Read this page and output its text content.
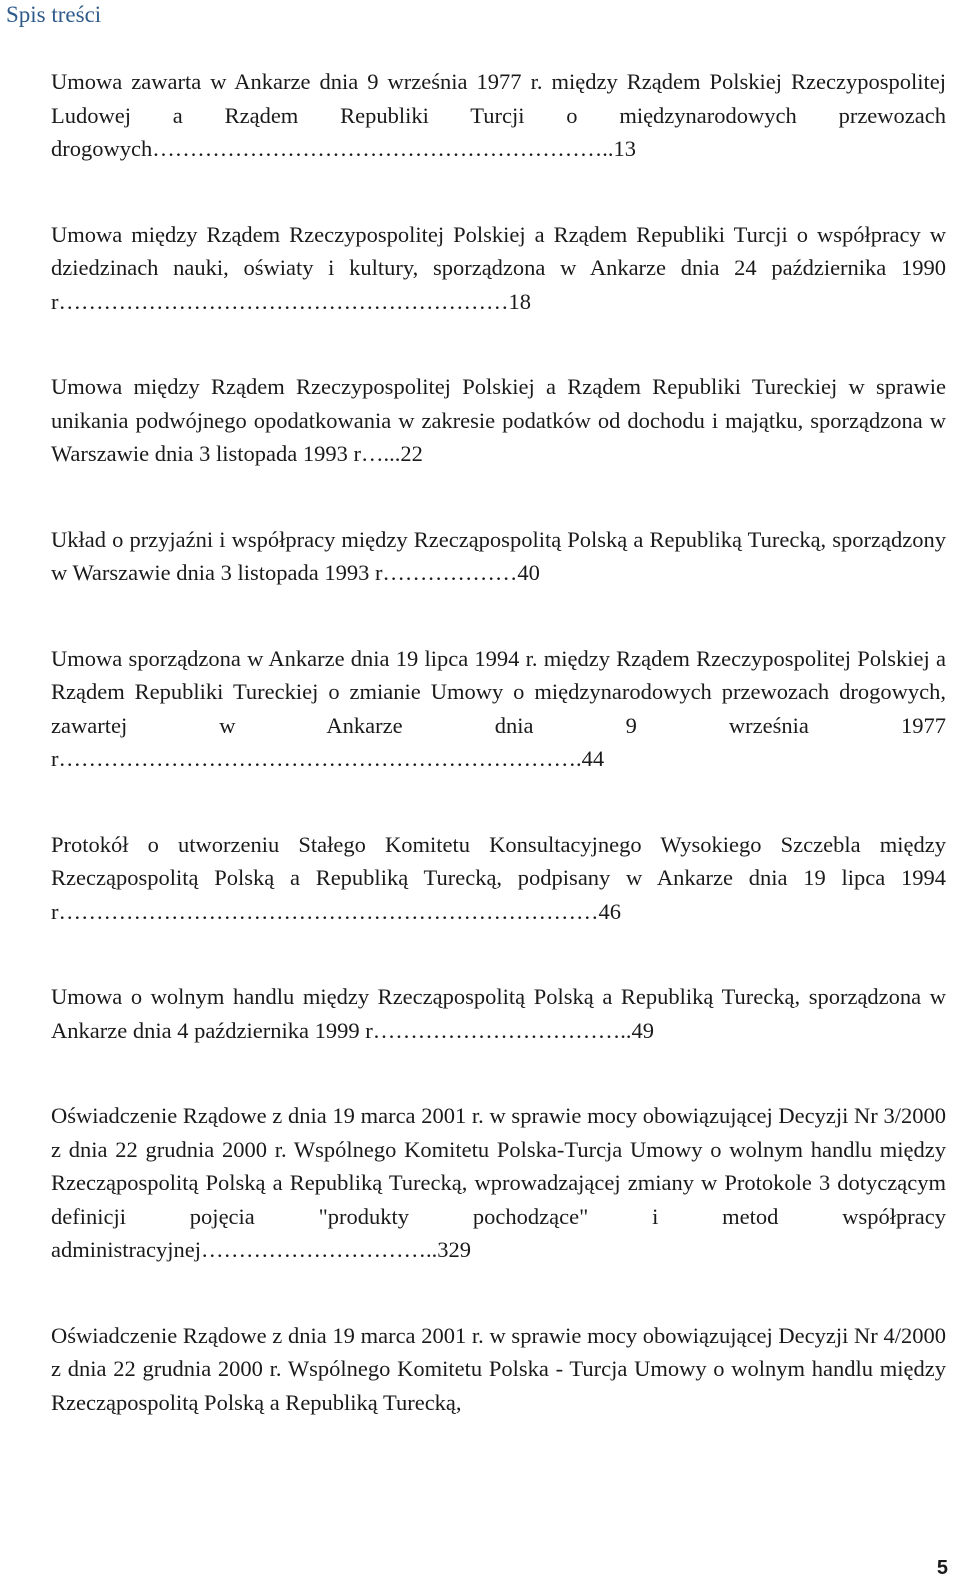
Spis treści
Umowa zawarta w Ankarze dnia 9 września 1977 r. między Rządem Polskiej Rzeczypospolitej Ludowej a Rządem Republiki Turcji o międzynarodowych przewozach drogowych……………………………………………………..13
Umowa między Rządem Rzeczypospolitej Polskiej a Rządem Republiki Turcji o współpracy w dziedzinach nauki, oświaty i kultury, sporządzona w Ankarze dnia 24 października 1990 r……………………………………………………18
Umowa między Rządem Rzeczypospolitej Polskiej a Rządem Republiki Tureckiej w sprawie unikania podwójnego opodatkowania w zakresie podatków od dochodu i majątku, sporządzona w Warszawie dnia 3 listopada 1993 r…...22
Układ o przyjaźni i współpracy między Rzecząpospolitą Polską a Republiką Turecką, sporządzony w Warszawie dnia 3 listopada 1993 r………………40
Umowa sporządzona w Ankarze dnia 19 lipca 1994 r. między Rządem Rzeczypospolitej Polskiej a Rządem Republiki Tureckiej o zmianie Umowy o międzynarodowych przewozach drogowych, zawartej w Ankarze dnia 9 września 1977 r…………………………………………………………….44
Protokół o utworzeniu Stałego Komitetu Konsultacyjnego Wysokiego Szczebla między Rzecząpospolitą Polską a Republiką Turecką, podpisany w Ankarze dnia 19 lipca 1994 r………………………………………………………………46
Umowa o wolnym handlu między Rzecząpospolitą Polską a Republiką Turecką, sporządzona w Ankarze dnia 4 października 1999 r……………………………..49
Oświadczenie Rządowe z dnia 19 marca 2001 r. w sprawie mocy obowiązującej Decyzji Nr 3/2000 z dnia 22 grudnia 2000 r. Wspólnego Komitetu Polska-Turcja Umowy o wolnym handlu między Rzecząpospolitą Polską a Republiką Turecką, wprowadzającej zmiany w Protokole 3 dotyczącym definicji pojęcia "produkty pochodzące" i metod współpracy administracyjnej…………………………..329
Oświadczenie Rządowe z dnia 19 marca 2001 r. w sprawie mocy obowiązującej Decyzji Nr 4/2000 z dnia 22 grudnia 2000 r. Wspólnego Komitetu Polska - Turcja Umowy o wolnym handlu między Rzecząpospolitą Polską a Republiką Turecką,
5
